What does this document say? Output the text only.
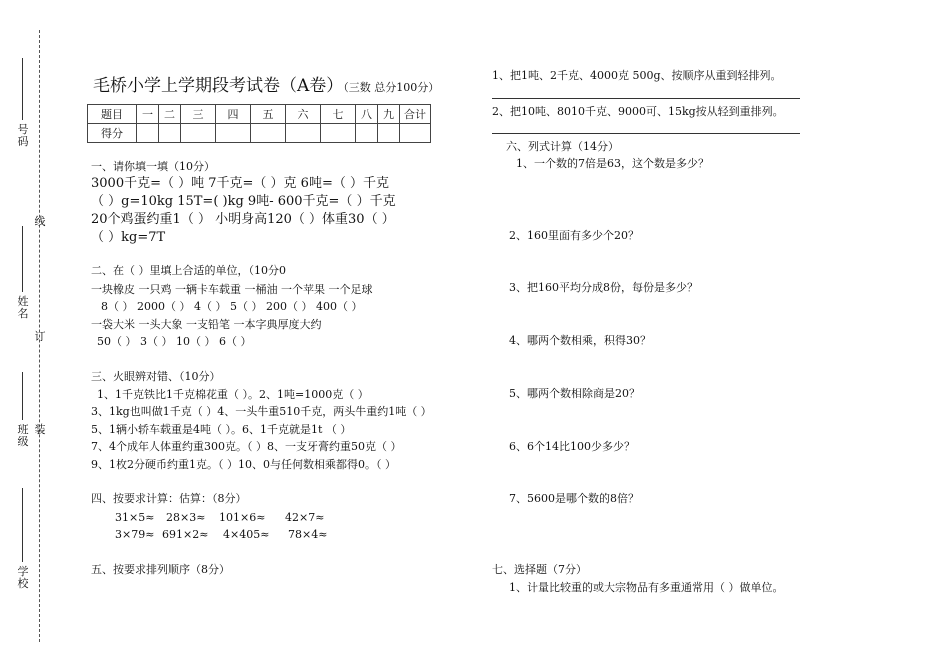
号码
线
姓名
订
班级
装
学校
毛桥小学上学期段考试卷（A卷）（三数 总分100分）
题目	一	二	三	四	五	六	七	八	九	合计
得分										
一、请你填一填（10分）
3000千克=（ ）吨 7千克=（ ）克 6吨=（ ）千克
（ ）g=10kg 15T=( )kg 9吨- 600千克=（ ）千克
20个鸡蛋约重1（ ） 小明身高120（ ）体重30（ ）
（ ）kg=7T
二、在（ ）里填上合适的单位，（10分0
一块橡皮 一只鸡 一辆卡车载重 一桶油 一个苹果 一个足球
8（ ） 2000（ ） 4（ ） 5（ ） 200（ ） 400（ ）
一袋大米 一头大象 一支铅笔 一本字典厚度大约
50（ ） 3（ ） 10（ ） 6（ ）
三、火眼辨对错、（10分）
1、1千克铁比1千克棉花重（ ）。2、1吨=1000克（ ）
3、1kg也叫做1千克（ ）4、一头牛重510千克，两头牛重约1吨（ ）
5、1辆小轿车载重是4吨（ ）。6、1千克就是1t （ ）
7、4个成年人体重约重300克。（ ）8、一支牙膏约重50克（ ）
9、1枚2分硬币约重1克。（ ）10、0与任何数相乘都得0。（ ）
四、按要求计算：估算：（8分）
31×5≈ 28×3≈ 101×6≈ 42×7≈
3×79≈ 691×2≈ 4×405≈ 78×4≈
五、按要求排列顺序（8分）
1、把1吨、2千克、4000克 500g、按顺序从重到轻排列。
2、把10吨、8010千克、9000可、15kg按从轻到重排列。
六、列式计算（14分）
1、一个数的7倍是63，这个数是多少？
2、160里面有多少个20？
3、把160平均分成8份，每份是多少？
4、哪两个数相乘，积得30？
5、哪两个数相除商是20？
6、6个14比100少多少？
7、5600是哪个数的8倍？
七、选择题（7分）
1、计量比较重的或大宗物品有多重通常用（ ）做单位。
